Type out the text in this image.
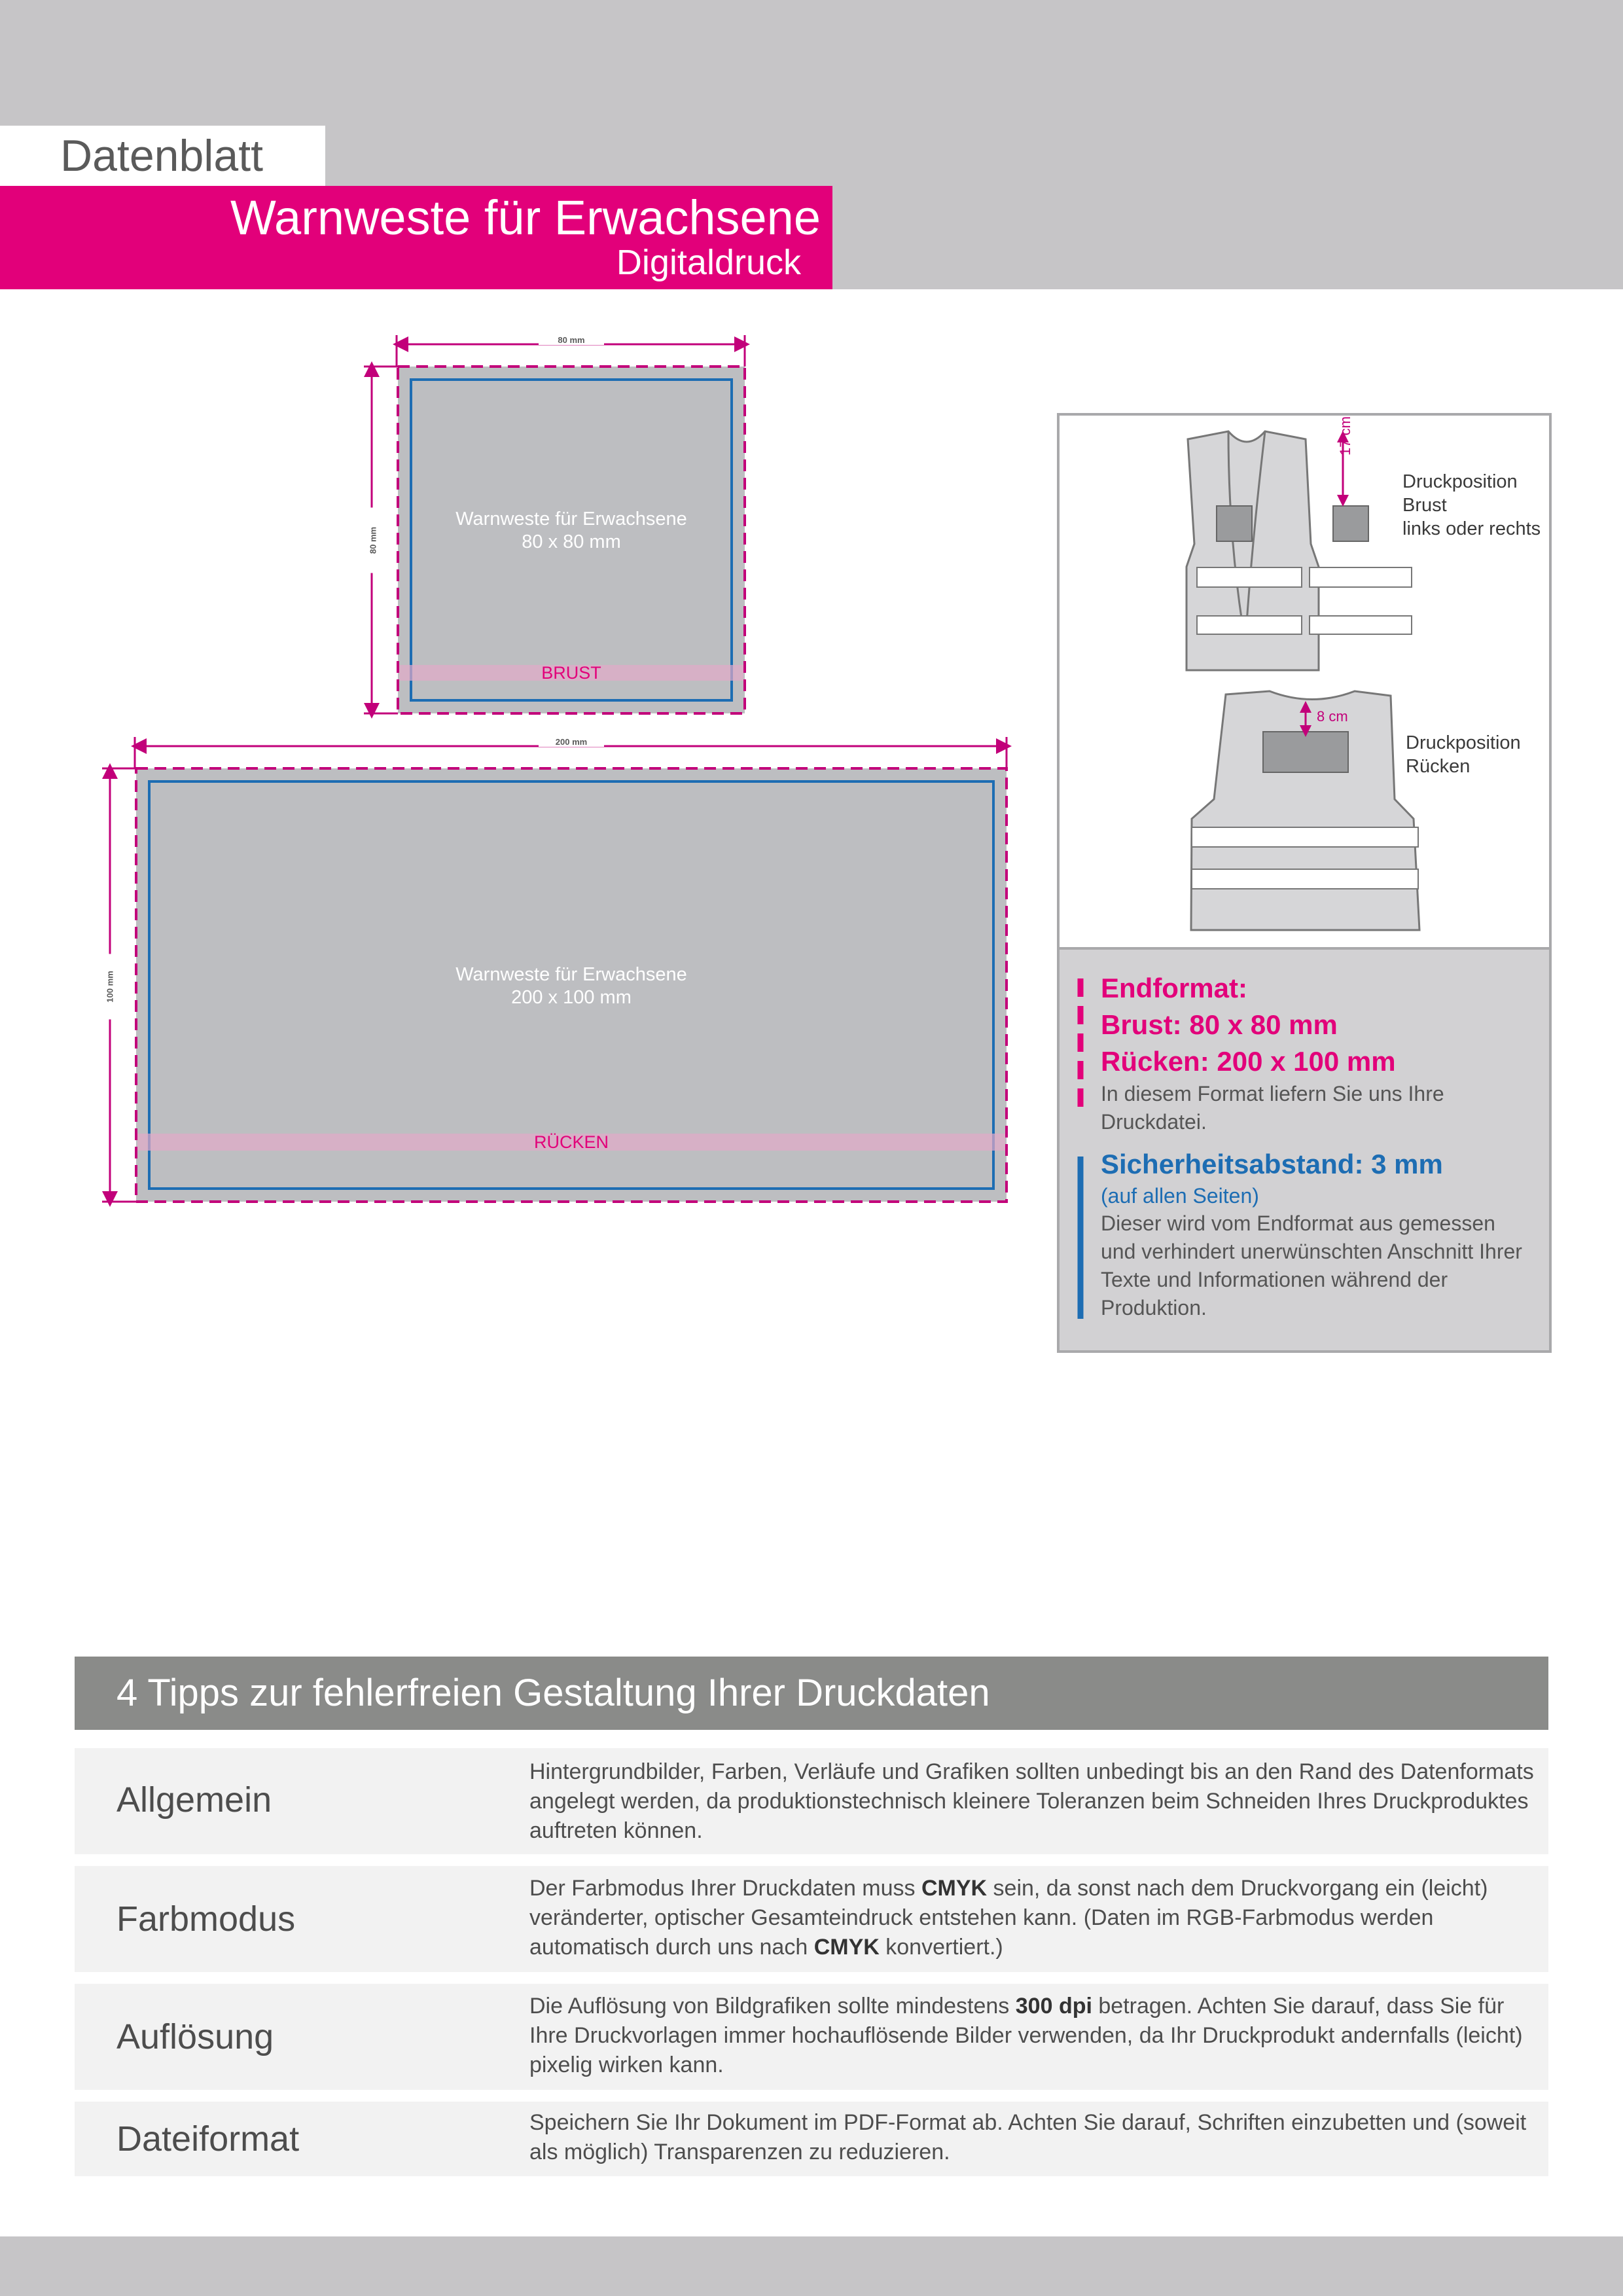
Datenblatt
Warnweste für Erwachsene
Digitaldruck
80 mm
80 mm
Warnweste für Erwachsene
80 x 80 mm
BRUST
200 mm
100 mm	Warnweste für Erwachsene
200 x 100 mm
RÜCKEN
17 cm
Druckposition
Brust
links oder rechts
8 cm
Druckposition
Rücken
Endformat:
Brust: 80 x 80 mm
Rücken: 200 x 100 mm
In diesem Format liefern Sie uns Ihre Druckdatei.
Sicherheitsabstand: 3 mm
(auf allen Seiten)
Dieser wird vom Endformat aus gemessen und verhindert unerwünschten Anschnitt Ihrer Texte und Informationen während der Produktion.
4 Tipps zur fehlerfreien Gestaltung Ihrer Druckdaten
Allgemein
Hintergrundbilder, Farben, Verläufe und Grafiken sollten unbedingt bis an den Rand des Datenformats angelegt werden, da produktionstechnisch kleinere Toleranzen beim Schneiden Ihres Druckproduktes auftreten können.
Farbmodus
Der Farbmodus Ihrer Druckdaten muss CMYK sein, da sonst nach dem Druckvorgang ein (leicht) veränderter, optischer Gesamteindruck entstehen kann. (Daten im RGB-Farbmodus werden automatisch durch uns nach CMYK konvertiert.)
Auflösung
Die Auflösung von Bildgrafiken sollte mindestens 300 dpi betragen. Achten Sie darauf, dass Sie für Ihre Druckvorlagen immer hochauflösende Bilder verwenden, da Ihr Druckprodukt andernfalls (leicht) pixelig wirken kann.
Dateiformat	Speichern Sie Ihr Dokument im PDF-Format ab. Achten Sie darauf, Schriften einzubetten und (soweit als möglich) Transparenzen zu reduzieren.
